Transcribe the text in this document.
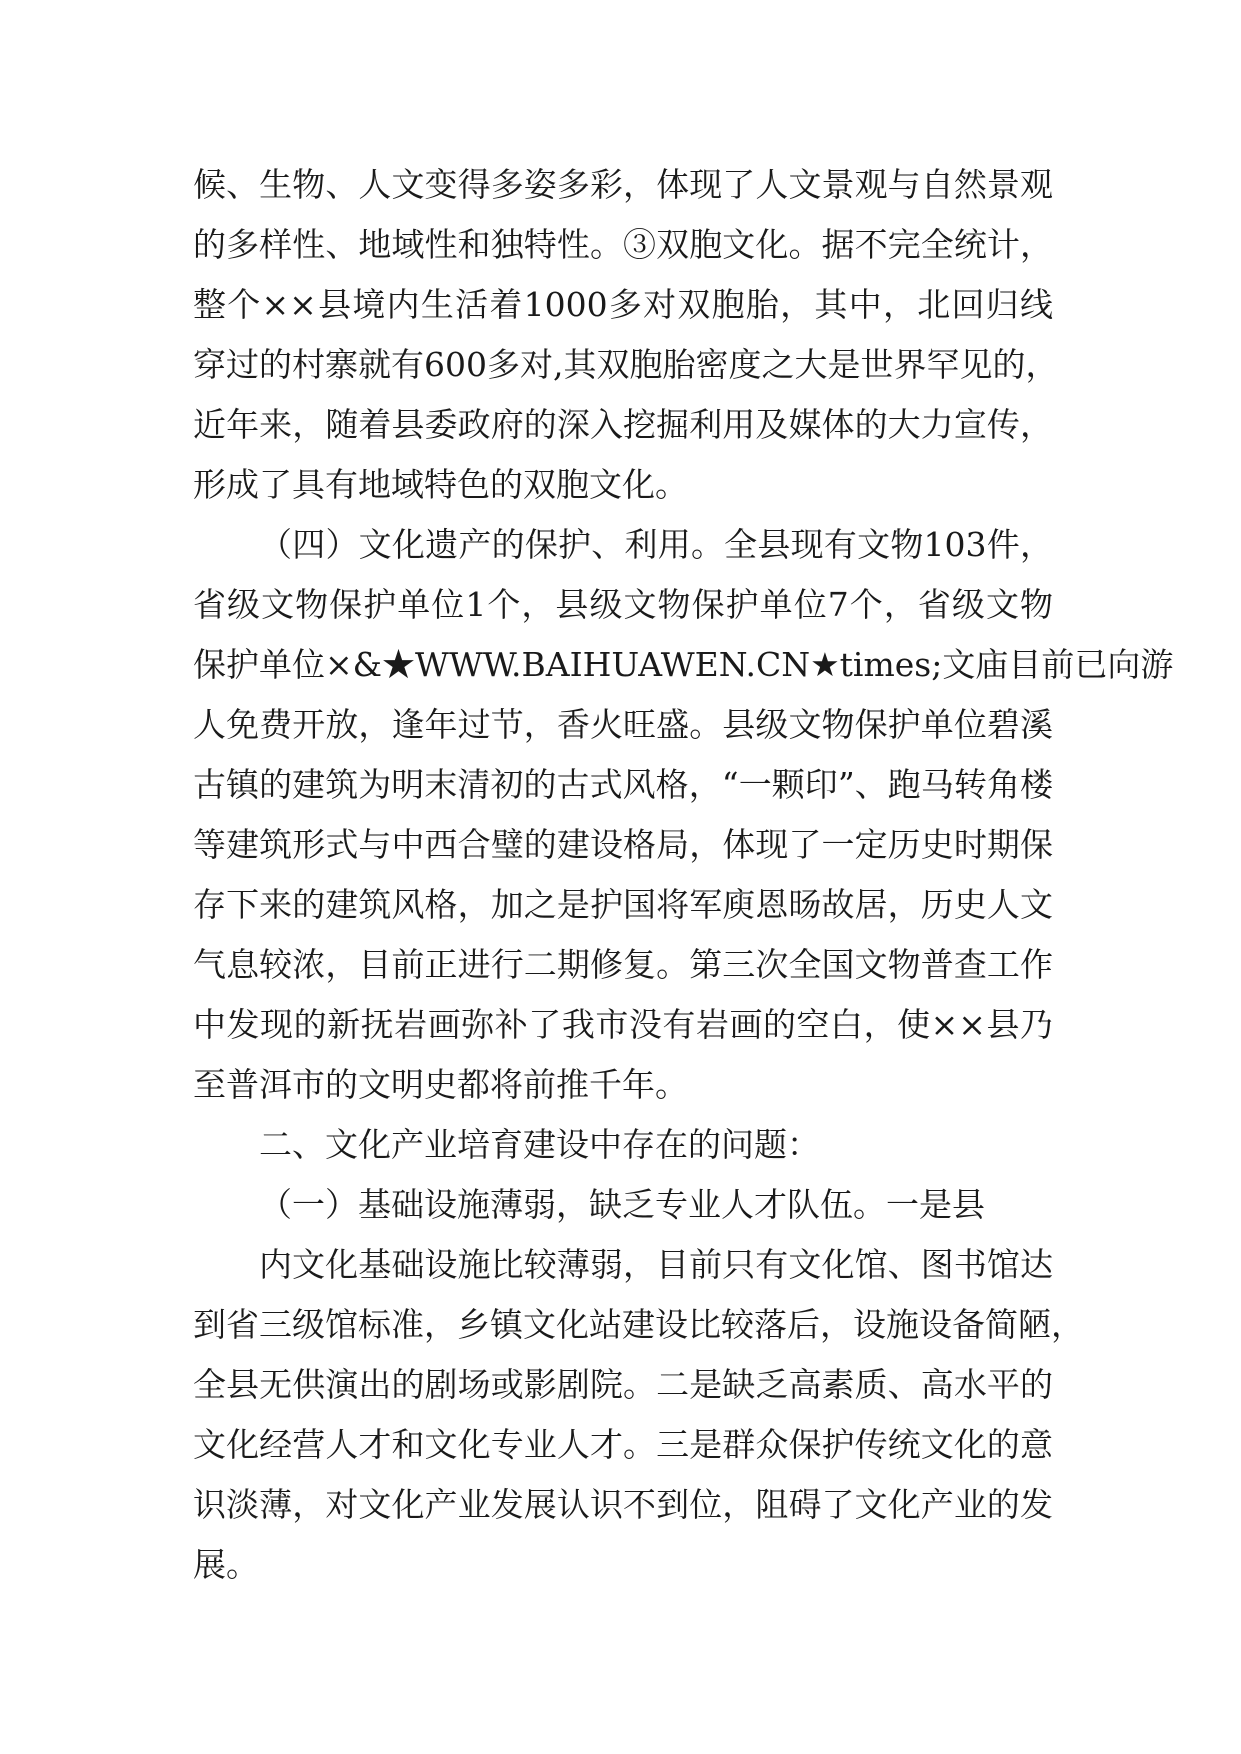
候、生物、人文变得多姿多彩，体现了人文景观与自然景观
的多样性、地域性和独特性。③双胞文化。据不完全统计，
整个××县境内生活着1000多对双胞胎，其中，北回归线
穿过的村寨就有600多对,其双胞胎密度之大是世界罕见的，
近年来，随着县委政府的深入挖掘利用及媒体的大力宣传，
形成了具有地域特色的双胞文化。
（四）文化遗产的保护、利用。全县现有文物103件，
省级文物保护单位1个，县级文物保护单位7个，省级文物
保护单位×&★WWW.BAIHUAWEN.CN★times;文庙目前已向游
人免费开放，逢年过节，香火旺盛。县级文物保护单位碧溪
古镇的建筑为明末清初的古式风格，“一颗印”、跑马转角楼
等建筑形式与中西合璧的建设格局，体现了一定历史时期保
存下来的建筑风格，加之是护国将军庾恩旸故居，历史人文
气息较浓，目前正进行二期修复。第三次全国文物普查工作
中发现的新抚岩画弥补了我市没有岩画的空白，使××县乃
至普洱市的文明史都将前推千年。
二、文化产业培育建设中存在的问题：
（一）基础设施薄弱，缺乏专业人才队伍。一是县
内文化基础设施比较薄弱，目前只有文化馆、图书馆达
到省三级馆标准，乡镇文化站建设比较落后，设施设备简陋，
全县无供演出的剧场或影剧院。二是缺乏高素质、高水平的
文化经营人才和文化专业人才。三是群众保护传统文化的意
识淡薄，对文化产业发展认识不到位，阻碍了文化产业的发
展。
